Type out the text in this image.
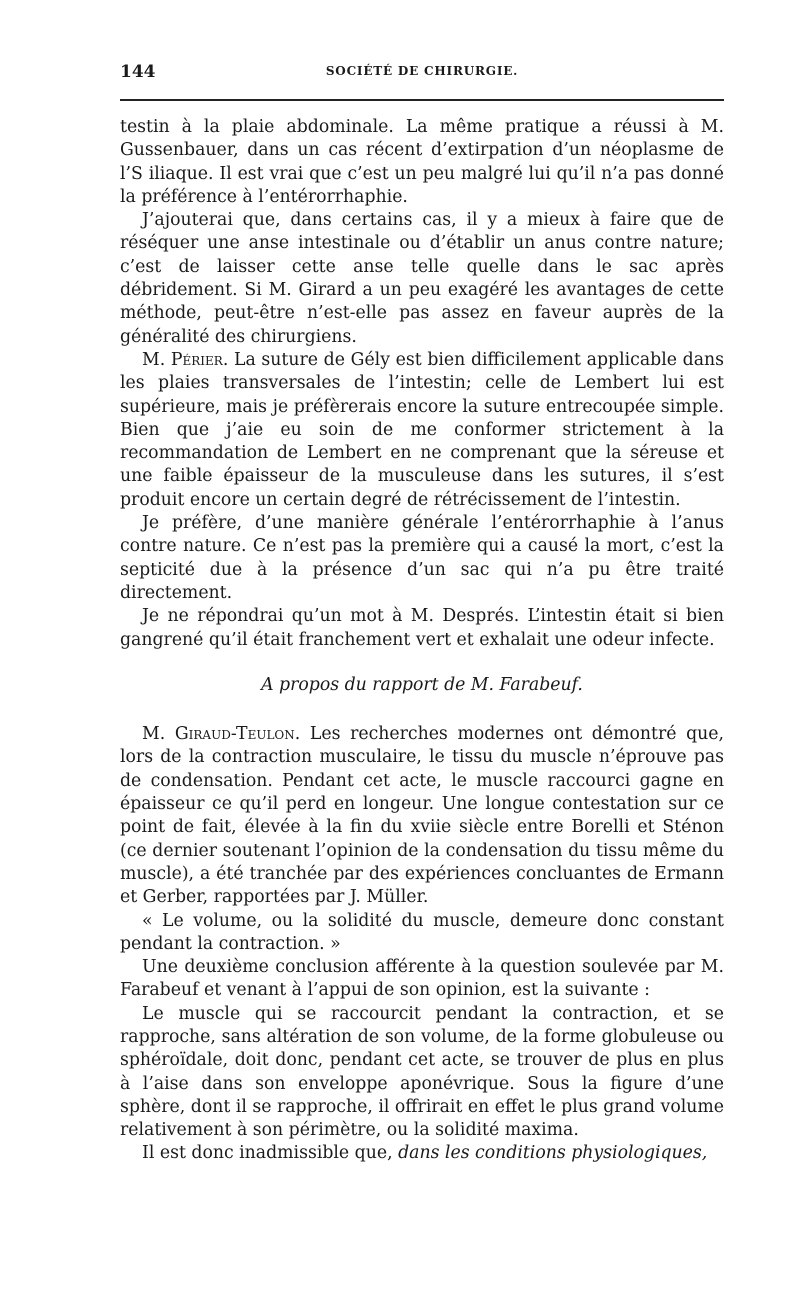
144	SOCIÉTÉ DE CHIRURGIE.

testin à la plaie abdominale. La même pratique a réussi à M. Gussenbauer, dans un cas récent d’extirpation d’un néoplasme de l’S iliaque. Il est vrai que c’est un peu malgré lui qu’il n’a pas donné la préférence à l’entérorrhaphie.

J’ajouterai que, dans certains cas, il y a mieux à faire que de réséquer une anse intestinale ou d’établir un anus contre nature; c’est de laisser cette anse telle quelle dans le sac après débridement. Si M. Girard a un peu exagéré les avantages de cette méthode, peut-être n’est-elle pas assez en faveur auprès de la généralité des chirurgiens.

M. Périer. La suture de Gély est bien difficilement applicable dans les plaies transversales de l’intestin; celle de Lembert lui est supérieure, mais je préfèrerais encore la suture entrecoupée simple. Bien que j’aie eu soin de me conformer strictement à la recommandation de Lembert en ne comprenant que la séreuse et une faible épaisseur de la musculeuse dans les sutures, il s’est produit encore un certain degré de rétrécissement de l’intestin.

Je préfère, d’une manière générale l’entérorrhaphie à l’anus contre nature. Ce n’est pas la première qui a causé la mort, c’est la septicité due à la présence d’un sac qui n’a pu être traité directement.

Je ne répondrai qu’un mot à M. Després. L’intestin était si bien gangrené qu’il était franchement vert et exhalait une odeur infecte.

A propos du rapport de M. Farabeuf.

M. Giraud-Teulon. Les recherches modernes ont démontré que, lors de la contraction musculaire, le tissu du muscle n’éprouve pas de condensation. Pendant cet acte, le muscle raccourci gagne en épaisseur ce qu’il perd en longeur. Une longue contestation sur ce point de fait, élevée à la fin du xviie siècle entre Borelli et Sténon (ce dernier soutenant l’opinion de la condensation du tissu même du muscle), a été tranchée par des expériences concluantes de Ermann et Gerber, rapportées par J. Müller.

« Le volume, ou la solidité du muscle, demeure donc constant pendant la contraction. »

Une deuxième conclusion afférente à la question soulevée par M. Farabeuf et venant à l’appui de son opinion, est la suivante :

Le muscle qui se raccourcit pendant la contraction, et se rapproche, sans altération de son volume, de la forme globuleuse ou sphéroïdale, doit donc, pendant cet acte, se trouver de plus en plus à l’aise dans son enveloppe aponévrique. Sous la figure d’une sphère, dont il se rapproche, il offrirait en effet le plus grand volume relativement à son périmètre, ou la solidité maxima.

Il est donc inadmissible que, dans les conditions physiologiques,
